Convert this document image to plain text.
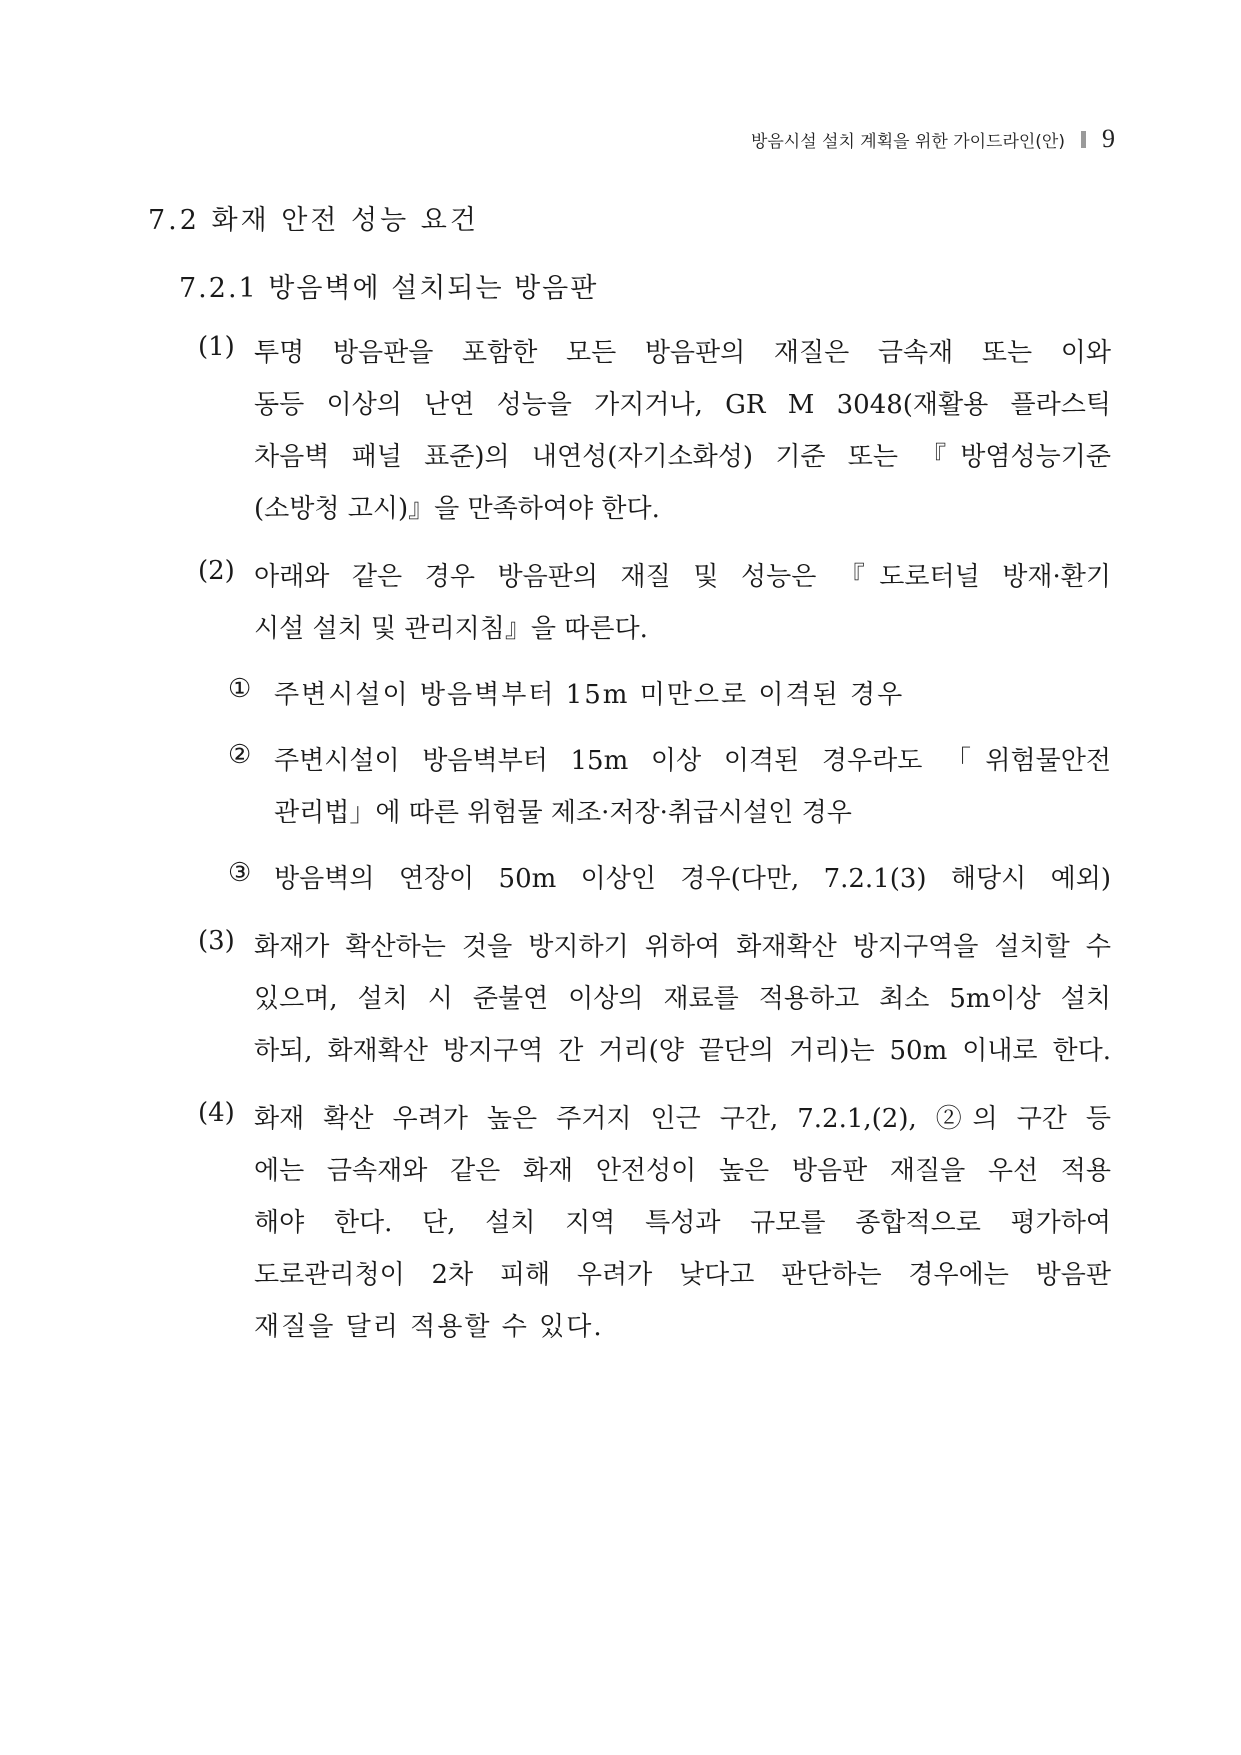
방음시설 설치 계획을 위한 가이드라인(안) 9
7.2 화재 안전 성능 요건
7.2.1 방음벽에 설치되는 방음판
(1) 투명 방음판을 포함한 모든 방음판의 재질은 금속재 또는 이와
동등 이상의 난연 성능을 가지거나, GR M 3048(재활용 플라스틱
차음벽 패널 표준)의 내연성(자기소화성) 기준 또는 『방염성능기준
(소방청 고시)』을 만족하여야 한다.
(2) 아래와 같은 경우 방음판의 재질 및 성능은 『도로터널 방재·환기
시설 설치 및 관리지침』을 따른다.
① 주변시설이 방음벽부터 15m 미만으로 이격된 경우
② 주변시설이 방음벽부터 15m 이상 이격된 경우라도 「위험물안전
관리법」에 따른 위험물 제조·저장·취급시설인 경우
③ 방음벽의 연장이 50m 이상인 경우(다만, 7.2.1(3) 해당시 예외)
(3) 화재가 확산하는 것을 방지하기 위하여 화재확산 방지구역을 설치할 수
있으며, 설치 시 준불연 이상의 재료를 적용하고 최소 5m이상 설치
하되, 화재확산 방지구역 간 거리(양 끝단의 거리)는 50m 이내로 한다.
(4) 화재 확산 우려가 높은 주거지 인근 구간, 7.2.1,(2), ②의 구간 등
에는 금속재와 같은 화재 안전성이 높은 방음판 재질을 우선 적용
해야 한다. 단, 설치 지역 특성과 규모를 종합적으로 평가하여
도로관리청이 2차 피해 우려가 낮다고 판단하는 경우에는 방음판
재질을 달리 적용할 수 있다.
